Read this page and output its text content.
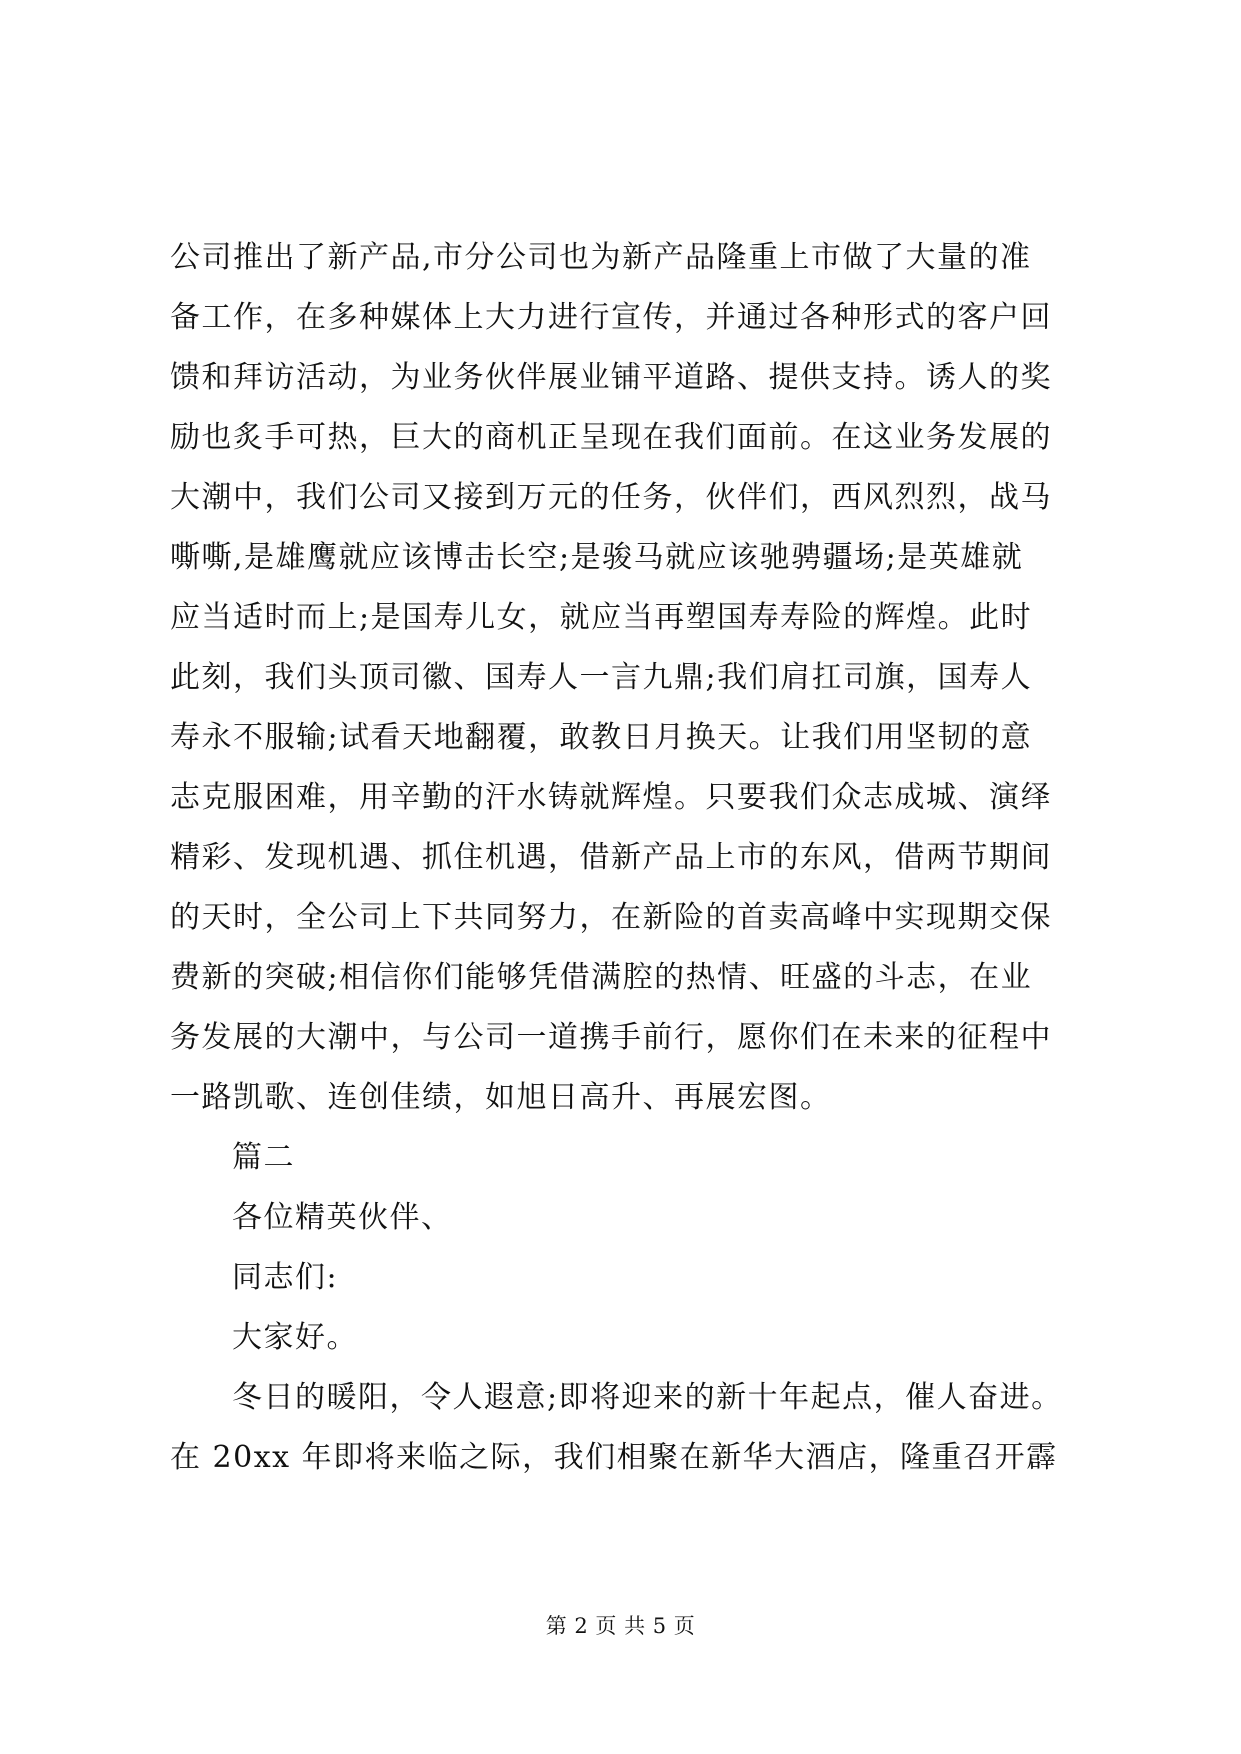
公司推出了新产品,市分公司也为新产品隆重上市做了大量的准
备工作，在多种媒体上大力进行宣传，并通过各种形式的客户回
馈和拜访活动，为业务伙伴展业铺平道路、提供支持。诱人的奖
励也炙手可热，巨大的商机正呈现在我们面前。在这业务发展的
大潮中，我们公司又接到万元的任务，伙伴们，西风烈烈，战马
嘶嘶,是雄鹰就应该博击长空;是骏马就应该驰骋疆场;是英雄就
应当适时而上;是国寿儿女，就应当再塑国寿寿险的辉煌。此时
此刻，我们头顶司徽、国寿人一言九鼎;我们肩扛司旗，国寿人
寿永不服输;试看天地翻覆，敢教日月换天。让我们用坚韧的意
志克服困难，用辛勤的汗水铸就辉煌。只要我们众志成城、演绎
精彩、发现机遇、抓住机遇，借新产品上市的东风，借两节期间
的天时，全公司上下共同努力，在新险的首卖高峰中实现期交保
费新的突破;相信你们能够凭借满腔的热情、旺盛的斗志，在业
务发展的大潮中，与公司一道携手前行，愿你们在未来的征程中
一路凯歌、连创佳绩，如旭日高升、再展宏图。
篇二
各位精英伙伴、
同志们:
大家好。
冬日的暖阳，令人遐意;即将迎来的新十年起点，催人奋进。
在 20xx 年即将来临之际，我们相聚在新华大酒店，隆重召开霹
第 2 页 共 5 页
